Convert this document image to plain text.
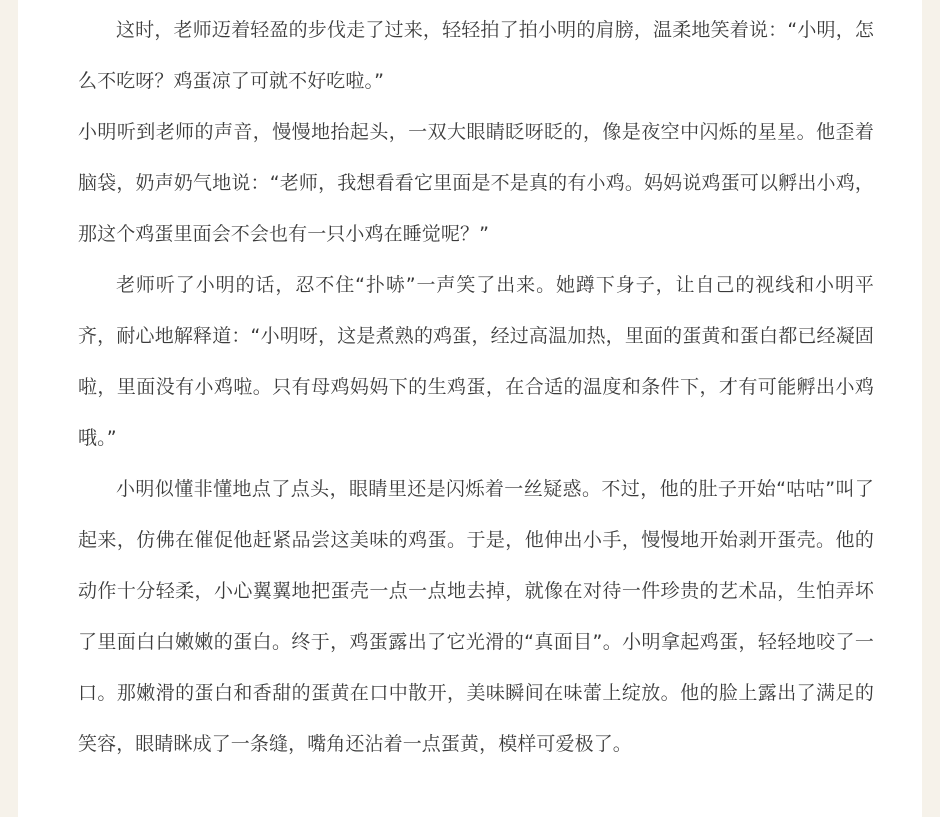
这时，老师迈着轻盈的步伐走了过来，轻轻拍了拍小明的肩膀，温柔地笑着说：“小明，怎么不吃呀？鸡蛋凉了可就不好吃啦。”

小明听到老师的声音，慢慢地抬起头，一双大眼睛眨呀眨的，像是夜空中闪烁的星星。他歪着脑袋，奶声奶气地说：“老师，我想看看它里面是不是真的有小鸡。妈妈说鸡蛋可以孵出小鸡，那这个鸡蛋里面会不会也有一只小鸡在睡觉呢？”

老师听了小明的话，忍不住“扑哧”一声笑了出来。她蹲下身子，让自己的视线和小明平齐，耐心地解释道：“小明呀，这是煮熟的鸡蛋，经过高温加热，里面的蛋黄和蛋白都已经凝固啦，里面没有小鸡啦。只有母鸡妈妈下的生鸡蛋，在合适的温度和条件下，才有可能孵出小鸡哦。”

小明似懂非懂地点了点头，眼睛里还是闪烁着一丝疑惑。不过，他的肚子开始“咕咕”叫了起来，仿佛在催促他赶紧品尝这美味的鸡蛋。于是，他伸出小手，慢慢地开始剥开蛋壳。他的动作十分轻柔，小心翼翼地把蛋壳一点一点地去掉，就像在对待一件珍贵的艺术品，生怕弄坏了里面白白嫩嫩的蛋白。终于，鸡蛋露出了它光滑的“真面目”。小明拿起鸡蛋，轻轻地咬了一口。那嫩滑的蛋白和香甜的蛋黄在口中散开，美味瞬间在味蕾上绽放。他的脸上露出了满足的笑容，眼睛眯成了一条缝，嘴角还沾着一点蛋黄，模样可爱极了。
